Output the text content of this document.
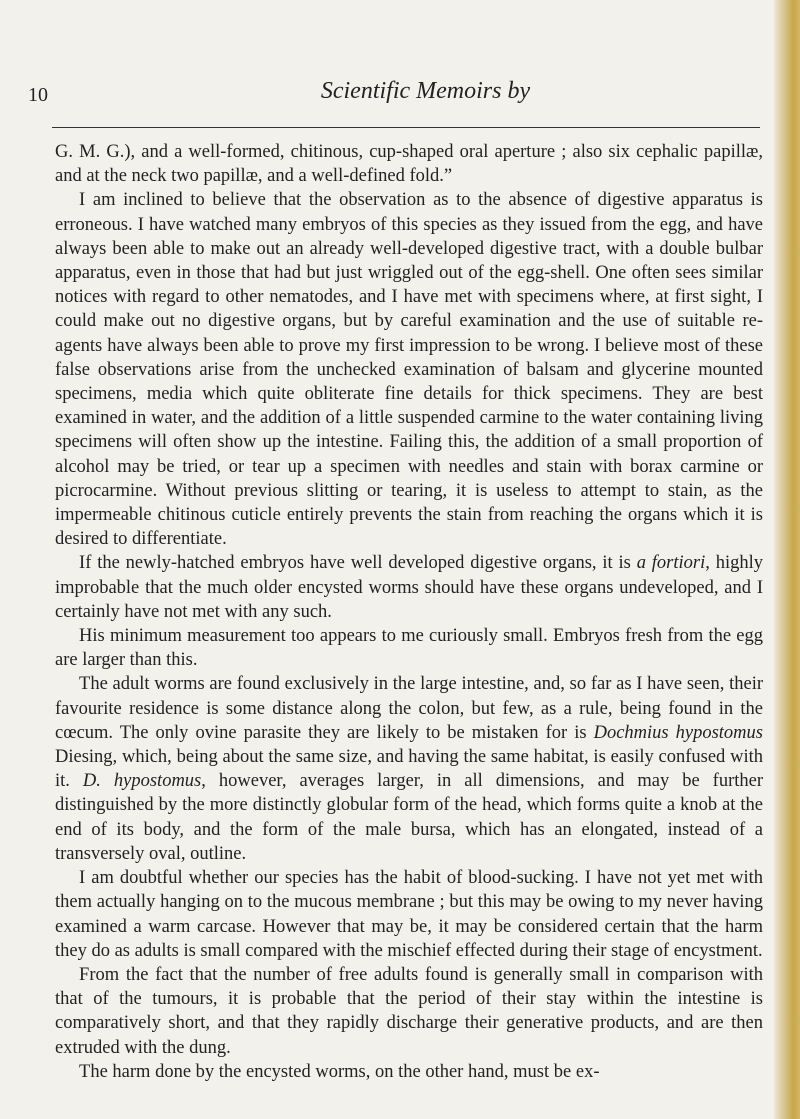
10	Scientific Memoirs by

G. M. G.), and a well-formed, chitinous, cup-shaped oral aperture ; also six cephalic papillæ, and at the neck two papillæ, and a well-defined fold.”

I am inclined to believe that the observation as to the absence of digestive apparatus is erroneous. I have watched many embryos of this species as they issued from the egg, and have always been able to make out an already well-developed digestive tract, with a double bulbar apparatus, even in those that had but just wriggled out of the egg-shell. One often sees similar notices with regard to other nematodes, and I have met with specimens where, at first sight, I could make out no digestive organs, but by careful examination and the use of suitable re-agents have always been able to prove my first impression to be wrong. I believe most of these false observations arise from the unchecked examination of balsam and glycerine mounted specimens, media which quite obliterate fine details for thick specimens. They are best examined in water, and the addition of a little suspended carmine to the water containing living specimens will often show up the intestine. Failing this, the addition of a small proportion of alcohol may be tried, or tear up a specimen with needles and stain with borax carmine or picrocarmine. Without previous slitting or tearing, it is useless to attempt to stain, as the impermeable chitinous cuticle entirely prevents the stain from reaching the organs which it is desired to differentiate.

If the newly-hatched embryos have well developed digestive organs, it is a fortiori, highly improbable that the much older encysted worms should have these organs undeveloped, and I certainly have not met with any such.

His minimum measurement too appears to me curiously small. Embryos fresh from the egg are larger than this.

The adult worms are found exclusively in the large intestine, and, so far as I have seen, their favourite residence is some distance along the colon, but few, as a rule, being found in the cœcum. The only ovine parasite they are likely to be mistaken for is Dochmius hypostomus Diesing, which, being about the same size, and having the same habitat, is easily confused with it. D. hypostomus, however, averages larger, in all dimensions, and may be further distinguished by the more distinctly globular form of the head, which forms quite a knob at the end of its body, and the form of the male bursa, which has an elongated, instead of a transversely oval, outline.

I am doubtful whether our species has the habit of blood-sucking. I have not yet met with them actually hanging on to the mucous membrane ; but this may be owing to my never having examined a warm carcase. However that may be, it may be considered certain that the harm they do as adults is small compared with the mischief effected during their stage of encystment.

From the fact that the number of free adults found is generally small in comparison with that of the tumours, it is probable that the period of their stay within the intestine is comparatively short, and that they rapidly discharge their generative products, and are then extruded with the dung.

The harm done by the encysted worms, on the other hand, must be ex-
